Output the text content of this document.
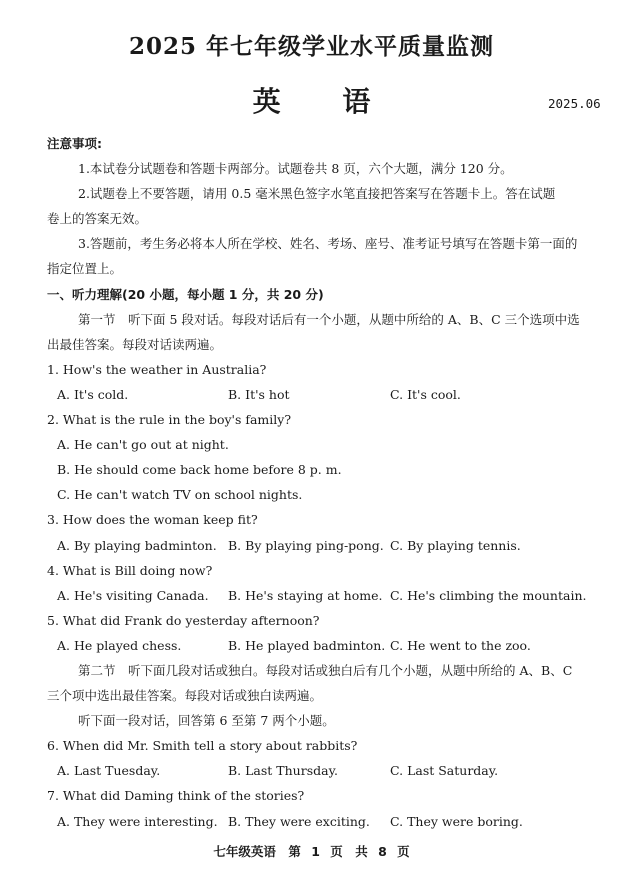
2025 年七年级学业水平质量监测
英 语	2025.06
注意事项:
1.本试卷分试题卷和答题卡两部分。试题卷共 8 页，六个大题，满分 120 分。
2.试题卷上不要答题，请用 0.5 毫米黑色签字水笔直接把答案写在答题卡上。答在试题
卷上的答案无效。
3.答题前，考生务必将本人所在学校、姓名、考场、座号、准考证号填写在答题卡第一面的
指定位置上。
一、听力理解(20 小题，每小题 1 分，共 20 分)
第一节　听下面 5 段对话。每段对话后有一个小题，从题中所给的 A、B、C 三个选项中选
出最佳答案。每段对话读两遍。
1. How's the weather in Australia?
A. It's cold.	B. It's hot	C. It's cool.
2. What is the rule in the boy's family?
A. He can't go out at night.
B. He should come back home before 8 p. m.
C. He can't watch TV on school nights.
3. How does the woman keep fit?
A. By playing badminton. B. By playing ping-pong. C. By playing tennis.
4. What is Bill doing now?
A. He's visiting Canada. B. He's staying at home. C. He's climbing the mountain.
5. What did Frank do yesterday afternoon?
A. He played chess.	B. He played badminton. C. He went to the zoo.
第二节　听下面几段对话或独白。每段对话或独白后有几个小题，从题中所给的 A、B、C
三个项中选出最佳答案。每段对话或独白读两遍。
听下面一段对话，回答第 6 至第 7 两个小题。
6. When did Mr. Smith tell a story about rabbits?
A. Last Tuesday.	B. Last Thursday.	C. Last Saturday.
7. What did Daming think of the stories?
A. They were interesting. B. They were exciting. C. They were boring.
七年级英语　第 1 页　共 8 页
